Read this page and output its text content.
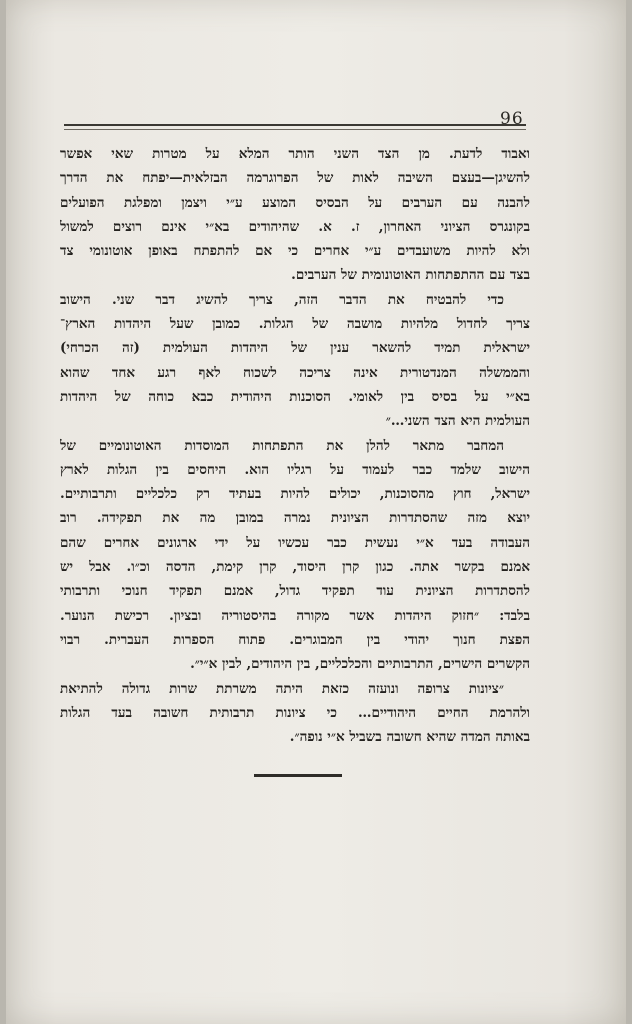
96

ואבוד לדעת. מן הצד השני הותר המלא על מטרות שאי אפשר
להשיגן—בעצם השיבה לאות של הפרוגרמה הבזלאית—יפתח את הדרך
להבנה עם הערבים על הבסיס המוצע ע״י ויצמן ומפלגת הפועלים
בקונגרס הציוני האחרון, ז. א. שהיהודים בא״י אינם רוצים למשול
ולא להיות משועבדים ע״י אחרים כי אם להתפתח באופן אוטונומי צד
בצד עם ההתפתחות האוטונומית של הערבים.

כדי להבטיח את הדבר הזה, צריך להשיג דבר שני. הישוב
צריך לחדול מלהיות מושבה של הגלות. כמובן שעל היהדות הארץ־
ישראלית תמיד להשאר ענין של היהדות העולמית (זה הכרחי)
והממשלה המנדטורית אינה צריכה לשכוח לאף רגע אחד שהוא
בא״י על בסיס בין לאומי. הסוכנות היהודית כבא כוחה של היהדות
העולמית היא הצד השני…״

המחבר מתאר להלן את התפתחות המוסדות האוטונומיים של
הישוב שלמד כבר לעמוד על רגליו הוא. היחסים בין הגלות לארץ
ישראל, חוץ מהסוכנות, יכולים להיות בעתיד רק כלכליים ותרבותיים.
יוצא מזה שהסתדרות הציונית נמרה במובן מה את תפקידה. רוב
העבודה בעד א״י נעשית כבר עכשיו על ידי ארגונים אחרים שהם
אמנם בקשר אתה. כגון קרן היסוד, קרן קימת, הדסה וכ״ו. אבל יש
להסתדרות הציונית עוד תפקיד גדול, אמנם תפקיד חנוכי ותרבותי
בלבד: ״חזוק היהדות אשר מקורה בהיסטוריה ובציון. רכישת הנוער.
הפצת חנוך יהודי בין המבוגרים. פתוח הספרות העברית. רבוי
הקשרים הישרים, התרבותיים והכלכליים, בין היהודים, לבין א״י״.

״ציונות צרופה ונועזה כזאת היתה משרתת שרות גדולה להתיאת
ולהרמת החיים היהודיים… כי ציונות תרבותית חשובה בעד הגלות
באותה המדה שהיא חשובה בשביל א״י נופה״.
